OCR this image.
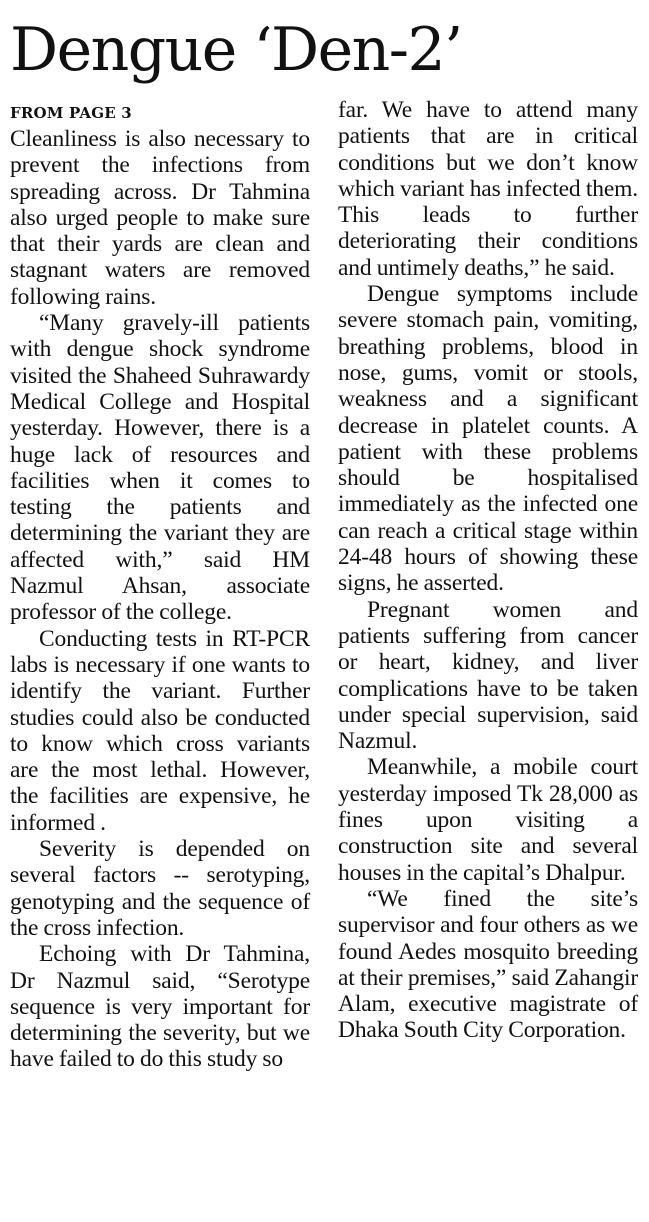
Dengue ‘Den-2’
FROM PAGE 3

Cleanliness is also necessary to prevent the infections from spreading across. Dr Tahmina also urged people to make sure that their yards are clean and stagnant waters are removed following rains.

“Many gravely-ill patients with dengue shock syndrome visited the Shaheed Suhrawardy Medical College and Hospital yesterday. However, there is a huge lack of resources and facilities when it comes to testing the patients and determining the variant they are affected with,” said HM Nazmul Ahsan, associate professor of the college.

Conducting tests in RT-PCR labs is necessary if one wants to identify the variant. Further studies could also be conducted to know which cross variants are the most lethal. However, the facilities are expensive, he informed .

Severity is depended on several factors -- serotyping, genotyping and the sequence of the cross infection.

Echoing with Dr Tahmina, Dr Nazmul said, “Serotype sequence is very important for determining the severity, but we have failed to do this study so

far. We have to attend many patients that are in critical conditions but we don’t know which variant has infected them. This leads to further deteriorating their conditions and untimely deaths,” he said.

Dengue symptoms include severe stomach pain, vomiting, breathing problems, blood in nose, gums, vomit or stools, weakness and a significant decrease in platelet counts. A patient with these problems should be hospitalised immediately as the infected one can reach a critical stage within 24-48 hours of showing these signs, he asserted.

Pregnant women and patients suffering from cancer or heart, kidney, and liver complications have to be taken under special supervision, said Nazmul.

Meanwhile, a mobile court yesterday imposed Tk 28,000 as fines upon visiting a construction site and several houses in the capital’s Dhalpur.

“We fined the site’s supervisor and four others as we found Aedes mosquito breeding at their premises,” said Zahangir Alam, executive magistrate of Dhaka South City Corporation.
